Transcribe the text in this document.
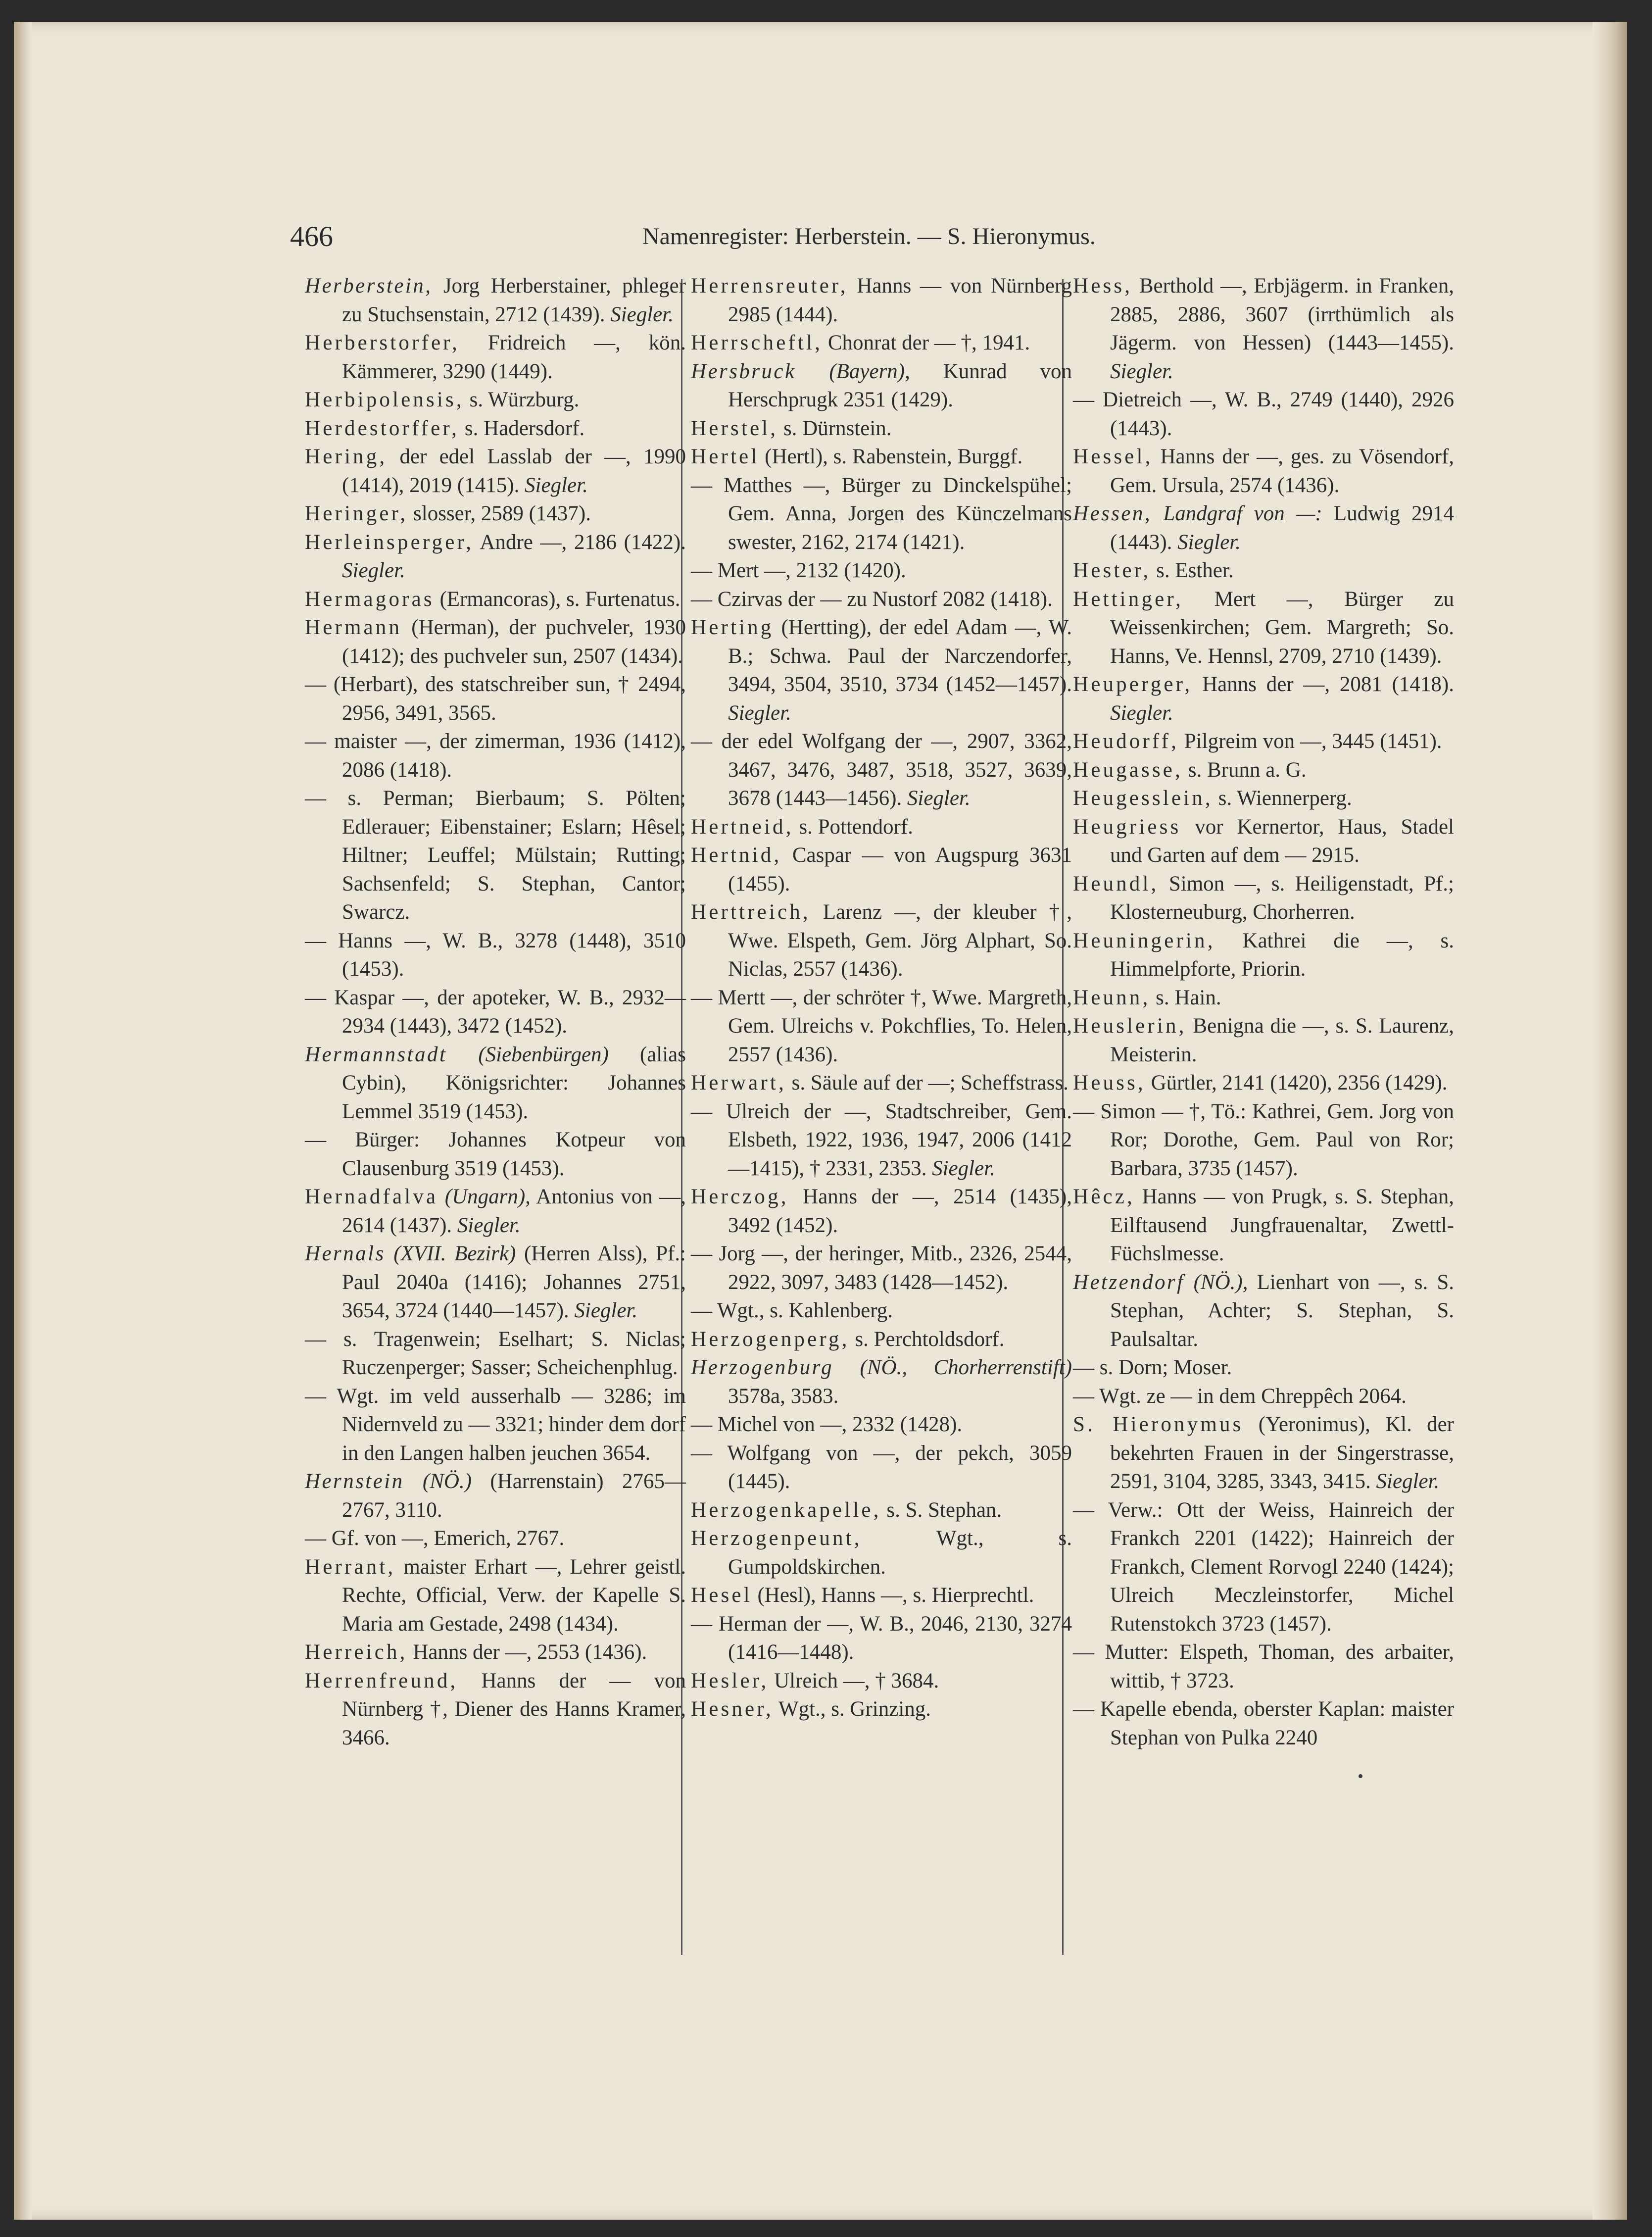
466	Namenregister: Herberstein. — S. Hieronymus.

Herberstein, Jorg Herberstainer, phleger zu Stuchsenstain, 2712 (1439). Siegler.

Herberstorfer, Fridreich —, kön. Kämmerer, 3290 (1449).

Herbipolensis, s. Würzburg.

Herdestorffer, s. Hadersdorf.

Hering, der edel Lasslab der —, 1990 (1414), 2019 (1415). Siegler.

Heringer, slosser, 2589 (1437).

Herleinsperger, Andre —, 2186 (1422). Siegler.

Hermagoras (Ermancoras), s. Furtenatus.

Hermann (Herman), der puchveler, 1930 (1412); des puchveler sun, 2507 (1434).

— (Herbart), des statschreiber sun, † 2494, 2956, 3491, 3565.

— maister —, der zimerman, 1936 (1412), 2086 (1418).

— s. Perman; Bierbaum; S. Pölten; Edlerauer; Eibenstainer; Eslarn; Hêsel; Hiltner; Leuffel; Mülstain; Rutting; Sachsenfeld; S. Stephan, Cantor; Swarcz.

— Hanns —, W. B., 3278 (1448), 3510 (1453).

— Kaspar —, der apoteker, W. B., 2932—2934 (1443), 3472 (1452).

Hermannstadt (Siebenbürgen) (alias Cybin), Königsrichter: Johannes Lemmel 3519 (1453).

— Bürger: Johannes Kotpeur von Clausenburg 3519 (1453).

Hernadfalva (Ungarn), Antonius von —, 2614 (1437). Siegler.

Hernals (XVII. Bezirk) (Herren Alss), Pf.: Paul 2040a (1416); Johannes 2751, 3654, 3724 (1440—1457). Siegler.

— s. Tragenwein; Eselhart; S. Niclas; Ruczenperger; Sasser; Scheichenphlug.

— Wgt. im veld ausserhalb — 3286; im Nidernveld zu — 3321; hinder dem dorf in den Langen halben jeuchen 3654.

Hernstein (NÖ.) (Harrenstain) 2765—2767, 3110.

— Gf. von —, Emerich, 2767.

Herrant, maister Erhart —, Lehrer geistl. Rechte, Official, Verw. der Kapelle S. Maria am Gestade, 2498 (1434).

Herreich, Hanns der —, 2553 (1436).

Herrenfreund, Hanns der — von Nürnberg †, Diener des Hanns Kramer, 3466.

Herrensreuter, Hanns — von Nürnberg 2985 (1444).

Herrscheftl, Chonrat der — †, 1941.

Hersbruck (Bayern), Kunrad von Herschprugk 2351 (1429).

Herstel, s. Dürnstein.

Hertel (Hertl), s. Rabenstein, Burggf.

— Matthes —, Bürger zu Dinckelspühel; Gem. Anna, Jorgen des Künczelmans swester, 2162, 2174 (1421).

— Mert —, 2132 (1420).

— Czirvas der — zu Nustorf 2082 (1418).

Herting (Hertting), der edel Adam —, W. B.; Schwa. Paul der Narczendorfer, 3494, 3504, 3510, 3734 (1452—1457). Siegler.

— der edel Wolfgang der —, 2907, 3362, 3467, 3476, 3487, 3518, 3527, 3639, 3678 (1443—1456). Siegler.

Hertneid, s. Pottendorf.

Hertnid, Caspar — von Augspurg 3631 (1455).

Herttreich, Larenz —, der kleuber †, Wwe. Elspeth, Gem. Jörg Alphart, So. Niclas, 2557 (1436).

— Mertt —, der schröter †, Wwe. Margreth, Gem. Ulreichs v. Pokchflies, To. Helen, 2557 (1436).

Herwart, s. Säule auf der —; Scheffstrass.

— Ulreich der —, Stadtschreiber, Gem. Elsbeth, 1922, 1936, 1947, 2006 (1412—1415), † 2331, 2353. Siegler.

Herczog, Hanns der —, 2514 (1435), 3492 (1452).

— Jorg —, der heringer, Mitb., 2326, 2544, 2922, 3097, 3483 (1428—1452).

— Wgt., s. Kahlenberg.

Herzogenperg, s. Perchtoldsdorf.

Herzogenburg (NÖ., Chorherrenstift) 3578a, 3583.

— Michel von —, 2332 (1428).

— Wolfgang von —, der pekch, 3059 (1445).

Herzogenkapelle, s. S. Stephan.

Herzogenpeunt, Wgt., s. Gumpoldskirchen.

Hesel (Hesl), Hanns —, s. Hierprechtl.

— Herman der —, W. B., 2046, 2130, 3274 (1416—1448).

Hesler, Ulreich —, † 3684.

Hesner, Wgt., s. Grinzing.

Hess, Berthold —, Erbjägerm. in Franken, 2885, 2886, 3607 (irrthümlich als Jägerm. von Hessen) (1443—1455). Siegler.

— Dietreich —, W. B., 2749 (1440), 2926 (1443).

Hessel, Hanns der —, ges. zu Vösendorf, Gem. Ursula, 2574 (1436).

Hessen, Landgraf von —: Ludwig 2914 (1443). Siegler.

Hester, s. Esther.

Hettinger, Mert —, Bürger zu Weissenkirchen; Gem. Margreth; So. Hanns, Ve. Hennsl, 2709, 2710 (1439).

Heuperger, Hanns der —, 2081 (1418). Siegler.

Heudorff, Pilgreim von —, 3445 (1451).

Heugasse, s. Brunn a. G.

Heugesslein, s. Wiennerperg.

Heugriess vor Kernertor, Haus, Stadel und Garten auf dem — 2915.

Heundl, Simon —, s. Heiligenstadt, Pf.; Klosterneuburg, Chorherren.

Heuningerin, Kathrei die —, s. Himmelpforte, Priorin.

Heunn, s. Hain.

Heuslerin, Benigna die —, s. S. Laurenz, Meisterin.

Heuss, Gürtler, 2141 (1420), 2356 (1429).

— Simon — †, Tö.: Kathrei, Gem. Jorg von Ror; Dorothe, Gem. Paul von Ror; Barbara, 3735 (1457).

Hêcz, Hanns — von Prugk, s. S. Stephan, Eilftausend Jungfrauenaltar, Zwettl-Füchslmesse.

Hetzendorf (NÖ.), Lienhart von —, s. S. Stephan, Achter; S. Stephan, S. Paulsaltar.

— s. Dorn; Moser.

— Wgt. ze — in dem Chreppêch 2064.

S. Hieronymus (Yeronimus), Kl. der bekehrten Frauen in der Singerstrasse, 2591, 3104, 3285, 3343, 3415. Siegler.

— Verw.: Ott der Weiss, Hainreich der Frankch 2201 (1422); Hainreich der Frankch, Clement Rorvogl 2240 (1424); Ulreich Meczleinstorfer, Michel Rutenstokch 3723 (1457).

— Mutter: Elspeth, Thoman, des arbaiter, wittib, † 3723.

— Kapelle ebenda, oberster Kaplan: maister Stephan von Pulka 2240
